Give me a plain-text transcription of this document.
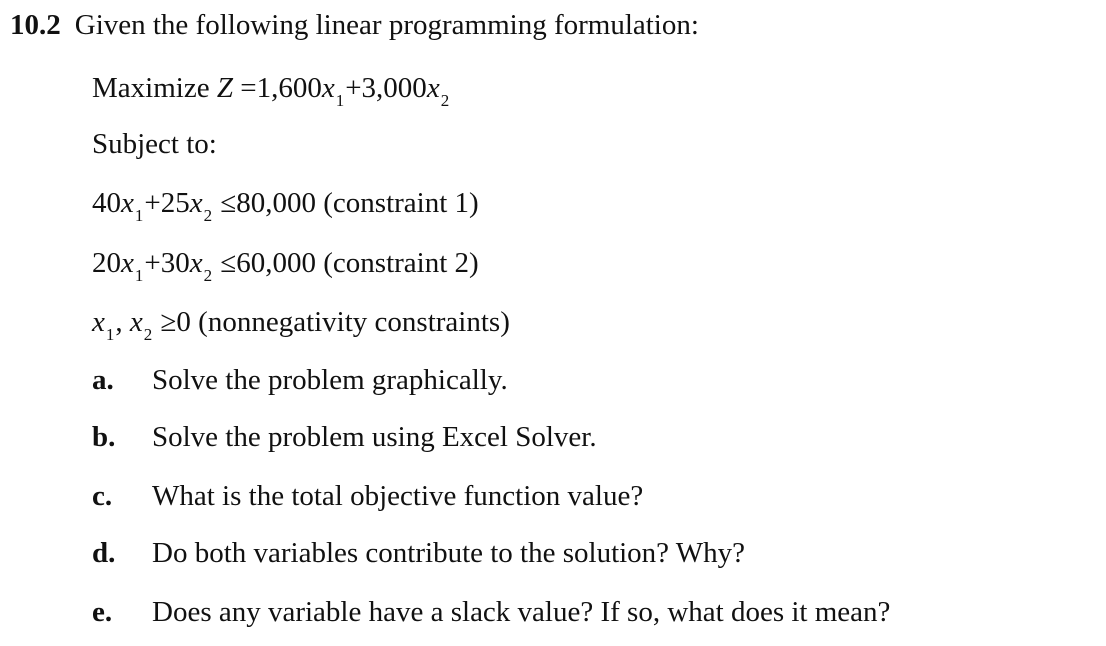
10.2 Given the following linear programming formulation:
Maximize $Z =1,600x_1+3,000x_2$
Subject to:
$40x_1+25x_2 \le 80,000$ (constraint 1)
$20x_1+30x_2 \le 60,000$ (constraint 2)
$x_1$, $x_2 \ge 0$ (nonnegativity constraints)
a. Solve the problem graphically.
b. Solve the problem using Excel Solver.
c. What is the total objective function value?
d. Do both variables contribute to the solution? Why?
e. Does any variable have a slack value? If so, what does it mean?
